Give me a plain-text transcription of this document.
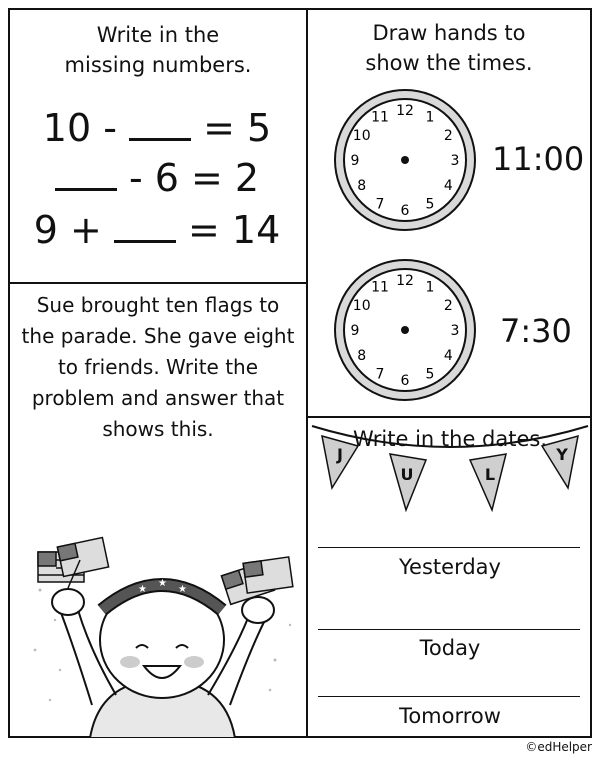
Write in the
missing numbers.
10 -  = 5
- 6 = 2
9 +  = 14
Draw hands to
show the times.
12 1
2
3
4
5
6
7
8
9
10
11
11:00
12 1
2
3
4
5
6
7
8
9
10
11
7:30
Sue brought ten flags to
the parade. She gave eight
to friends. Write the
problem and answer that
shows this.
★
★
★
J
U	L
Y
Write in the dates.
Yesterday
Today
Tomorrow
©edHelper
